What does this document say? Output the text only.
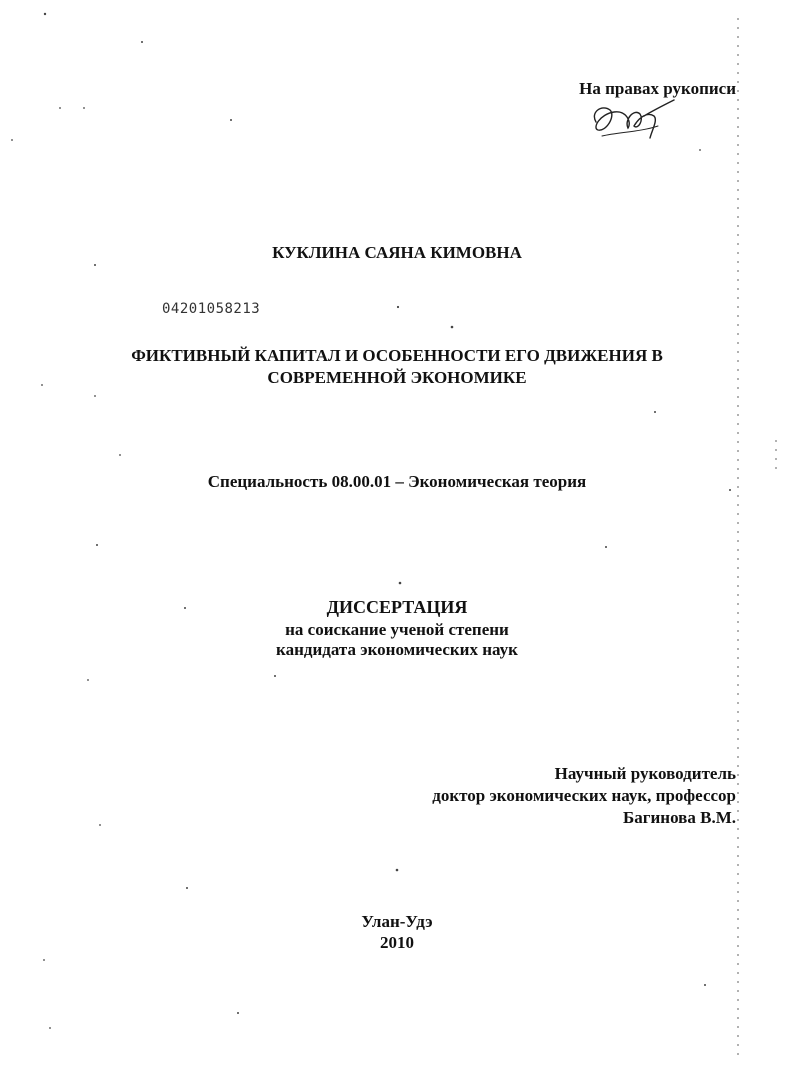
На правах рукописи
КУКЛИНА САЯНА КИМОВНА
04201058213
ФИКТИВНЫЙ КАПИТАЛ И ОСОБЕННОСТИ ЕГО ДВИЖЕНИЯ В
СОВРЕМЕННОЙ ЭКОНОМИКЕ
Специальность 08.00.01 – Экономическая теория
ДИССЕРТАЦИЯ
на соискание ученой степени
кандидата экономических наук
Научный руководитель
доктор экономических наук, профессор
Багинова В.М.
Улан-Удэ
2010
